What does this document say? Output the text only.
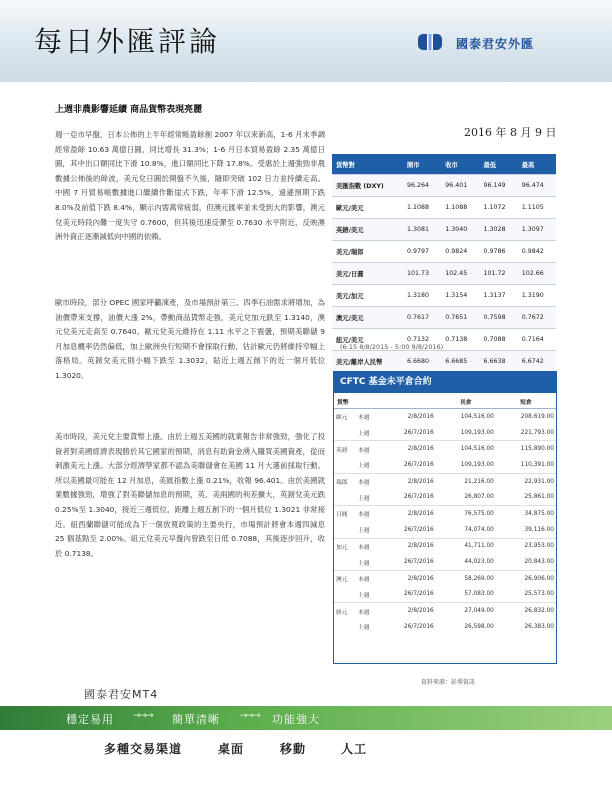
每日外匯評論	國泰君安外匯
上週非農影響延續 商品貨幣表現亮麗
2016 年 8 月 9 日

週一亞市早盤，日本公佈的上半年經常帳盈餘創 2007 年以來新高，1-6 月未季調經常盈餘 10.63 萬億日圓，同比增長 31.3%；1-6 月日本貿易盈餘 2.35 萬億日圓，其中出口額同比下滑 10.8%，進口額同比下降 17.8%。受惠於上週強勁非農數據公佈後的餘波，美元兌日圓於開盤不久後，隨即突破 102 日力並持續走高。中國 7 月貿易帳數據進口繼續作斷崖式下跌，年率下滑 12.5%，遠遜預期下跌 8.0%及前值下跌 8.4%，顯示內需萬常疲弱，但澳元匯率並未受到大的影響，澳元兌美元時段內難一度失守 0.7600，但其後迅速反彈至 0.7630 水平附近，反映澳洲外資正逐漸減低向中國的依賴。

歐市時段，部分 OPEC 國家呼籲凍產，及市場預計第三、四季石油需求將增加，為油價帶來支撐，油價大漲 2%，帶動商品貨幣走強，美元兌加元跌至 1.3140，澳元兌美元走高至 0.7640。歐元兌美元維持在 1.11 水平之下震盪，預期美聯儲 9 月加息機率仍然偏低，加上歐洲央行短期不會採取行動，估計歐元仍將維持窄幅上落格局。英鎊兌美元則小幅下跌至 1.3032，貼近上週五創下的近一個月低位 1.3020。

美市時段，美元兌主要貨幣上漲。由於上週五美國的就業報告非常強勁，強化了投資者對美國經濟表現勝於其它國家的預期，消息有助資金湧入購買美國資產，從而刺激美元上漲。大部分經濟學家都不認為美聯儲會在美國 11 月大選前採取行動。所以美國最可能在 12 月加息，美匯指數上漲 0.21%，收報 96.401。由於美國就業數據強勁，增強了對美聯儲加息的預期，英、美兩國的利差擴大，英鎊兌美元跌 0.25%至 1.3040，接近三週低位，距離上週五創下的一個月低位 1.3021 非常接近。紐西蘭聯儲可能成為下一個放寬政策的主要央行，市場預計將會本週四減息 25 個基點至 2.00%。紐元兌美元早盤內曾跌至日低 0.7088，其後逐步回升，收於 0.7138。

貨幣對	開市	收市	最低	最高
美匯指數 (DXY)	96.264	96.401	96.149	96.474
歐元/美元	1.1088	1.1088	1.1072	1.1105
英鎊/美元	1.3081	1.3040	1.3028	1.3097
美元/瑞郎	0.9797	0.9824	0.9786	0.9842
美元/日圓	101.73	102.45	101.72	102.66
美元/加元	1.3180	1.3154	1.3137	1.3190
澳元/美元	0.7617	0.7651	0.7598	0.7672
紐元/美元	0.7132	0.7138	0.7088	0.7164
美元/離岸人民幣	6.6680	6.6685	6.6638	6.6742
(6:15 8/8/2015 - 5:00 9/8/2016)
CFTC 基金未平倉合約
貨幣			長倉	短倉
歐元	本週	2/8/2016	104,516.00	208,619.00
	上週	26/7/2016	109,193.00	221,793.00
英鎊	本週	2/8/2016	104,516.00	115,890.00
	上週	26/7/2016	109,193.00	110,391.00
瑞郎	本週	2/8/2016	21,216.00	22,931.00
	上週	26/7/2016	26,807.00	25,861.00
日圓	本週	2/8/2016	76,575.00	34,875.00
	上週	26/7/2016	74,074.00	39,116.00
加元	本週	2/8/2016	41,711.00	23,953.00
	上週	26/7/2016	44,023.00	20,843.00
澳元	本週	2/8/2016	58,269.00	26,906.00
	上週	26/7/2016	57,083.00	25,573.00
紐元	本週	2/8/2016	27,049.00	26,832.00
	上週	26/7/2016	26,598.00	26,383.00
資料來源：彭博資訊
國泰君安MT4
穩定易用 →→→ 簡單清晰 →→→ 功能強大
多種交易渠道	桌面	移動	人工
